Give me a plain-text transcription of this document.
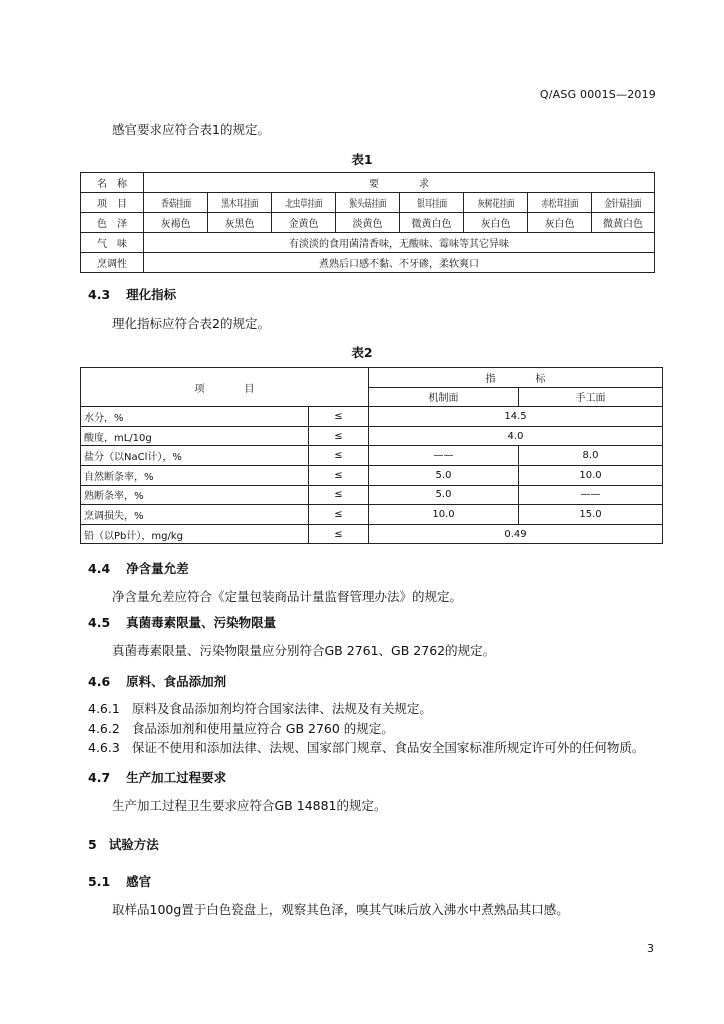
Q/ASG 0001S—2019
感官要求应符合表1的规定。
表1
名　称	要　　　　求							
项　目	香菇挂面	黑木耳挂面	北虫草挂面	猴头菇挂面	银耳挂面	灰树花挂面	赤松茸挂面	金针菇挂面
色　泽	灰褐色	灰黑色	金黄色	淡黄色	微黄白色	灰白色	灰白色	微黄白色
气　味	有淡淡的食用菌清香味，无酸味、霉味等其它异味							
烹调性	煮熟后口感不黏、不牙碜，柔软爽口							
4.3 理化指标
理化指标应符合表2的规定。
表2
项　　　　目		指　　　　标	
		机制面	手工面
水分，%	≤	14.5	
酸度，mL/10g	≤	4.0	
盐分（以NaCl计），%	≤	——	8.0
自然断条率，%	≤	5.0	10.0
熟断条率，%	≤	5.0	——
烹调损失，%	≤	10.0	15.0
铅（以Pb计），mg/kg	≤	0.49	
4.4 净含量允差
净含量允差应符合《定量包装商品计量监督管理办法》的规定。
4.5 真菌毒素限量、污染物限量
真菌毒素限量、污染物限量应分别符合GB 2761、GB 2762的规定。
4.6 原料、食品添加剂
4.6.1 原料及食品添加剂均符合国家法律、法规及有关规定。
4.6.2 食品添加剂和使用量应符合 GB 2760 的规定。
4.6.3 保证不使用和添加法律、法规、国家部门规章、食品安全国家标准所规定许可外的任何物质。
4.7 生产加工过程要求
生产加工过程卫生要求应符合GB 14881的规定。
5 试验方法
5.1 感官
取样品100g置于白色瓷盘上，观察其色泽，嗅其气味后放入沸水中煮熟品其口感。
3
